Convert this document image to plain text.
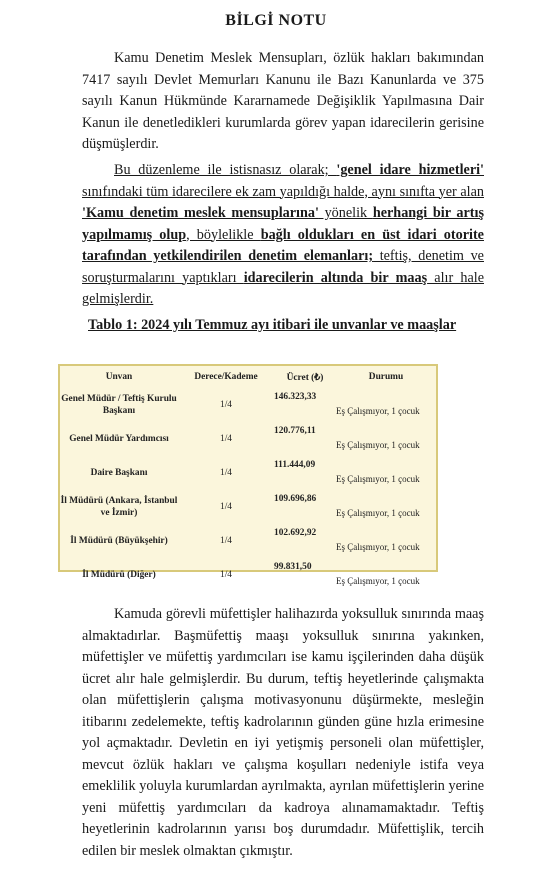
BİLGİ NOTU
Kamu Denetim Meslek Mensupları, özlük hakları bakımından 7417 sayılı Devlet Memurları Kanunu ile Bazı Kanunlarda ve 375 sayılı Kanun Hükmünde Kararnamede Değişiklik Yapılmasına Dair Kanun ile denetledikleri kurumlarda görev yapan idarecilerin gerisine düşmüşlerdir.
Bu düzenleme ile istisnasız olarak; 'genel idare hizmetleri' sınıfındaki tüm idarecilere ek zam yapıldığı halde, aynı sınıfta yer alan 'Kamu denetim meslek mensuplarına' yönelik herhangi bir artış yapılmamış olup, böylelikle bağlı oldukları en üst idari otorite tarafından yetkilendirilen denetim elemanları; teftiş, denetim ve soruşturmalarını yaptıkları idarecilerin altında bir maaş alır hale gelmişlerdir.
Tablo 1: 2024 yılı Temmuz ayı itibari ile unvanlar ve maaşlar
Unvan	Derece/Kademe	Ücret (₺)	Durumu
Genel Müdür / Teftiş Kurulu Başkanı	1/4	146.323,33	Eş Çalışmıyor, 1 çocuk
Genel Müdür Yardımcısı	1/4	120.776,11	Eş Çalışmıyor, 1 çocuk
Daire Başkanı	1/4	111.444,09	Eş Çalışmıyor, 1 çocuk
İl Müdürü (Ankara, İstanbul ve İzmir)	1/4	109.696,86	Eş Çalışmıyor, 1 çocuk
İl Müdürü (Büyükşehir)	1/4	102.692,92	Eş Çalışmıyor, 1 çocuk
İl Müdürü (Diğer)	1/4	99.831,50	Eş Çalışmıyor, 1 çocuk
Kamuda görevli müfettişler halihazırda yoksulluk sınırında maaş almaktadırlar. Başmüfettiş maaşı yoksulluk sınırına yakınken, müfettişler ve müfettiş yardımcıları ise kamu işçilerinden daha düşük ücret alır hale gelmişlerdir. Bu durum, teftiş heyetlerinde çalışmakta olan müfettişlerin çalışma motivasyonunu düşürmekte, mesleğin itibarını zedelemekte, teftiş kadrolarının günden güne hızla erimesine yol açmaktadır. Devletin en iyi yetişmiş personeli olan müfettişler, mevcut özlük hakları ve çalışma koşulları nedeniyle istifa veya emeklilik yoluyla kurumlardan ayrılmakta, ayrılan müfettişlerin yerine yeni müfettiş yardımcıları da kadroya alınamamaktadır. Teftiş heyetlerinin kadrolarının yarısı boş durumdadır. Müfettişlik, tercih edilen bir meslek olmaktan çıkmıştır.
